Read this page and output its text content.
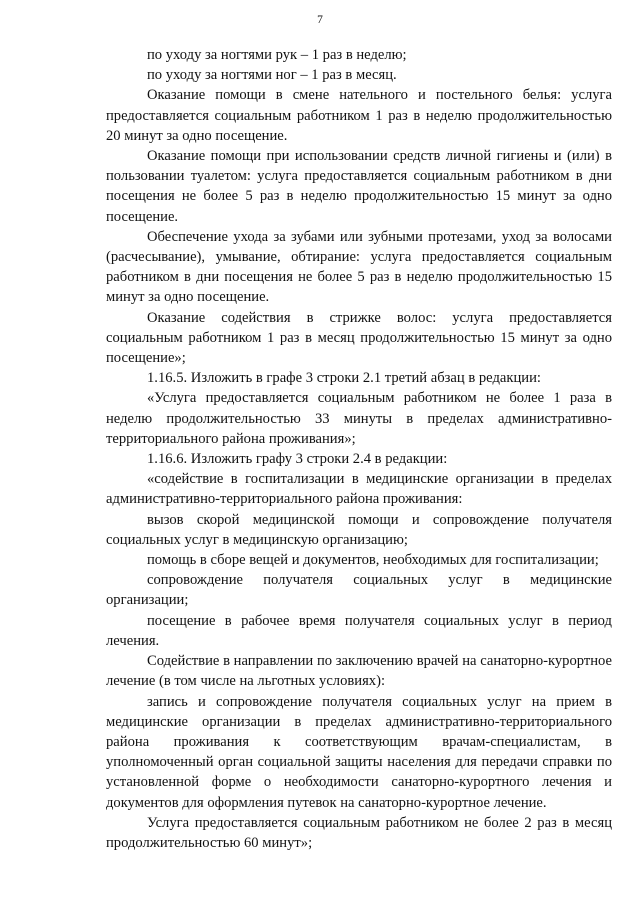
7

по уходу за ногтями рук – 1 раз в неделю;

по уходу за ногтями ног – 1 раз в месяц.

Оказание помощи в смене нательного и постельного белья: услуга предоставляется социальным работником 1 раз в неделю продолжительностью 20 минут за одно посещение.

Оказание помощи при использовании средств личной гигиены и (или) в пользовании туалетом: услуга предоставляется социальным работником в дни посещения не более 5 раз в неделю продолжительностью 15 минут за одно посещение.

Обеспечение ухода за зубами или зубными протезами, уход за волосами (расчесывание), умывание, обтирание: услуга предоставляется социальным работником в дни посещения не более 5 раз в неделю продолжительностью 15 минут за одно посещение.

Оказание содействия в стрижке волос: услуга предоставляется социальным работником 1 раз в месяц продолжительностью 15 минут за одно посещение»;

1.16.5. Изложить в графе 3 строки 2.1 третий абзац в редакции:

«Услуга предоставляется социальным работником не более 1 раза в неделю продолжительностью 33 минуты в пределах административно-территориального района проживания»;

1.16.6. Изложить графу 3 строки 2.4 в редакции:

«содействие в госпитализации в медицинские организации в пределах административно-территориального района проживания:

вызов скорой медицинской помощи и сопровождение получателя социальных услуг в медицинскую организацию;

помощь в сборе вещей и документов, необходимых для госпитализации;

сопровождение получателя социальных услуг в медицинские организации;

посещение в рабочее время получателя социальных услуг в период лечения.

Содействие в направлении по заключению врачей на санаторно-курортное лечение (в том числе на льготных условиях):

запись и сопровождение получателя социальных услуг на прием в медицинские организации в пределах административно-территориального района проживания к соответствующим врачам-специалистам, в уполномоченный орган социальной защиты населения для передачи справки по установленной форме о необходимости санаторно-курортного лечения и документов для оформления путевок на санаторно-курортное лечение.

Услуга предоставляется социальным работником не более 2 раз в месяц продолжительностью 60 минут»;
